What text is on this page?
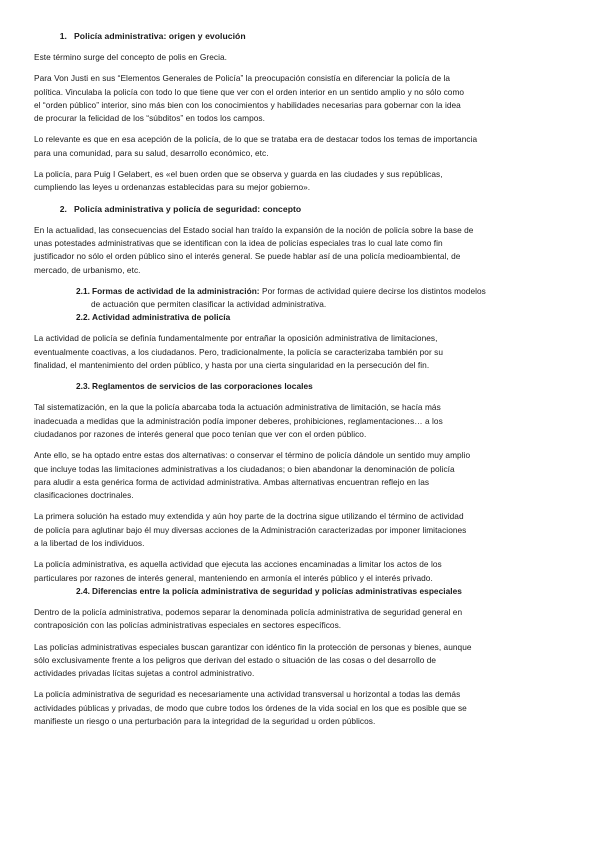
1. Policía administrativa: origen y evolución

Este término surge del concepto de polis en Grecia.

Para Von Justi en sus “Elementos Generales de Policía” la preocupación consistía en diferenciar la policía de la

política. Vinculaba la policía con todo lo que tiene que ver con el orden interior en un sentido amplio y no sólo como

el “orden público” interior, sino más bien con los conocimientos y habilidades necesarias para gobernar con la idea

de procurar la felicidad de los “súbditos” en todos los campos.

Lo relevante es que en esa acepción de la policía, de lo que se trataba era de destacar todos los temas de importancia

para una comunidad, para su salud, desarrollo económico, etc.

La policía, para Puig I Gelabert, es «el buen orden que se observa y guarda en las ciudades y sus repúblicas,

cumpliendo las leyes u ordenanzas establecidas para su mejor gobierno».

2. Policía administrativa y policía de seguridad: concepto

En la actualidad, las consecuencias del Estado social han traído la expansión de la noción de policía sobre la base de

unas potestades administrativas que se identifican con la idea de policías especiales tras lo cual late como fin

justificador no sólo el orden público sino el interés general. Se puede hablar así de una policía medioambiental, de

mercado, de urbanismo, etc.

2.1. Formas de actividad de la administración: Por formas de actividad quiere decirse los distintos modelos

de actuación que permiten clasificar la actividad administrativa.

2.2. Actividad administrativa de policía

La actividad de policía se definía fundamentalmente por entrañar la oposición administrativa de limitaciones,

eventualmente coactivas, a los ciudadanos. Pero, tradicionalmente, la policía se caracterizaba también por su

finalidad, el mantenimiento del orden público, y hasta por una cierta singularidad en la persecución del fin.

2.3. Reglamentos de servicios de las corporaciones locales

Tal sistematización, en la que la policía abarcaba toda la actuación administrativa de limitación, se hacía más

inadecuada a medidas que la administración podía imponer deberes, prohibiciones, reglamentaciones… a los

ciudadanos por razones de interés general que poco tenían que ver con el orden público.

Ante ello, se ha optado entre estas dos alternativas: o conservar el término de policía dándole un sentido muy amplio

que incluye todas las limitaciones administrativas a los ciudadanos; o bien abandonar la denominación de policía

para aludir a esta genérica forma de actividad administrativa. Ambas alternativas encuentran reflejo en las

clasificaciones doctrinales.

La primera solución ha estado muy extendida y aún hoy parte de la doctrina sigue utilizando el término de actividad

de policía para aglutinar bajo él muy diversas acciones de la Administración caracterizadas por imponer limitaciones

a la libertad de los individuos.

La policía administrativa, es aquella actividad que ejecuta las acciones encaminadas a limitar los actos de los

particulares por razones de interés general, manteniendo en armonía el interés público y el interés privado.

2.4. Diferencias entre la policía administrativa de seguridad y policías administrativas especiales

Dentro de la policía administrativa, podemos separar la denominada policía administrativa de seguridad general en

contraposición con las policías administrativas especiales en sectores específicos.

Las policías administrativas especiales buscan garantizar con idéntico fin la protección de personas y bienes, aunque

sólo exclusivamente frente a los peligros que derivan del estado o situación de las cosas o del desarrollo de

actividades privadas lícitas sujetas a control administrativo.

La policía administrativa de seguridad es necesariamente una actividad transversal u horizontal a todas las demás

actividades públicas y privadas, de modo que cubre todos los órdenes de la vida social en los que es posible que se

manifieste un riesgo o una perturbación para la integridad de la seguridad u orden públicos.
